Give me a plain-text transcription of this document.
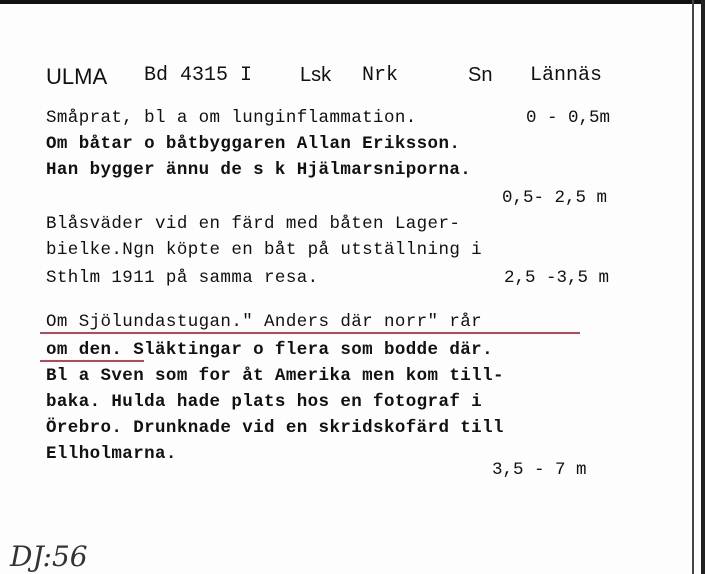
ULMA Bd 4315 I Lsk Nrk	Sn Lännäs
Småprat, bl a om lunginflammation.	0 - 0,5m
Om båtar o båtbyggaren Allan Eriksson.
Han bygger ännu de s k Hjälmarsniporna.
0,5- 2,5 m
Blåsväder vid en färd med båten Lager-
bielke.Ngn köpte en båt på utställning i
Sthlm 1911 på samma resa.	2,5 -3,5 m
Om Sjölundastugan." Anders där norr" rår
om den. Släktingar o flera som bodde där.
Bl a Sven som for åt Amerika men kom till-
baka. Hulda hade plats hos en fotograf i
Örebro. Drunknade vid en skridskofärd till
Ellholmarna.
3,5 - 7 m
DJ:56
